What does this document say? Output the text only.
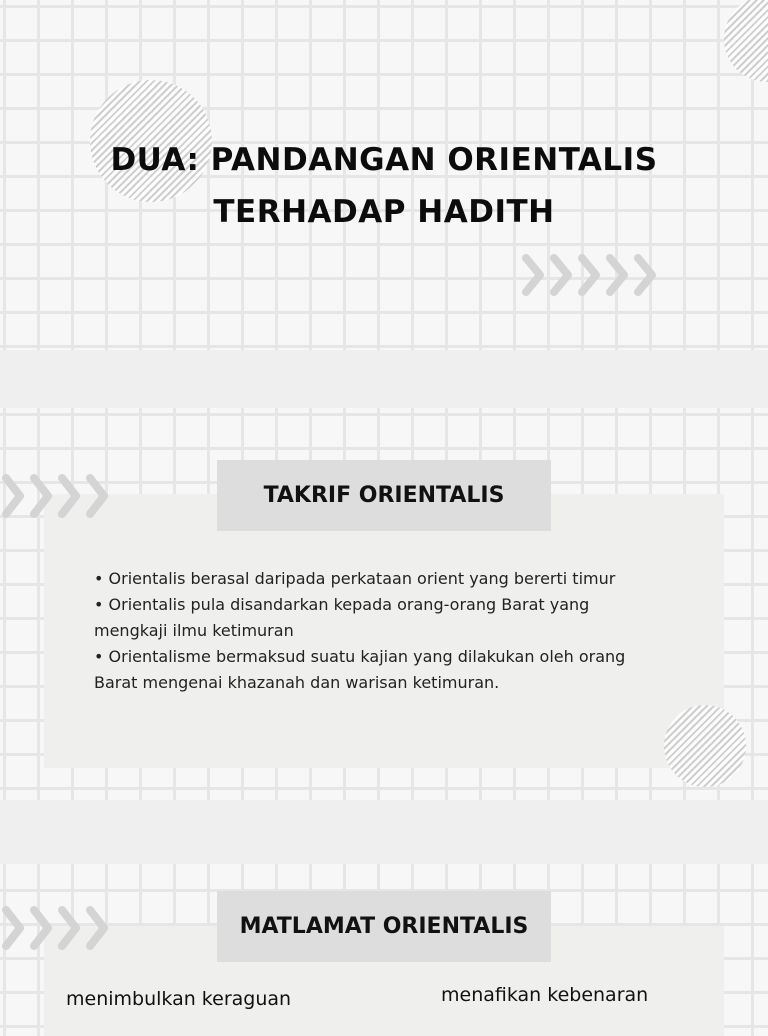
DUA: PANDANGAN ORIENTALIS
TERHADAP HADITH
TAKRIF ORIENTALIS

• Orientalis berasal daripada perkataan orient yang bererti timur

• Orientalis pula disandarkan kepada orang-orang Barat yang mengkaji ilmu ketimuran

• Orientalisme bermaksud suatu kajian yang dilakukan oleh orang Barat mengenai khazanah dan warisan ketimuran.

MATLAMAT ORIENTALIS
menimbulkan keraguan	menafikan kebenaran
